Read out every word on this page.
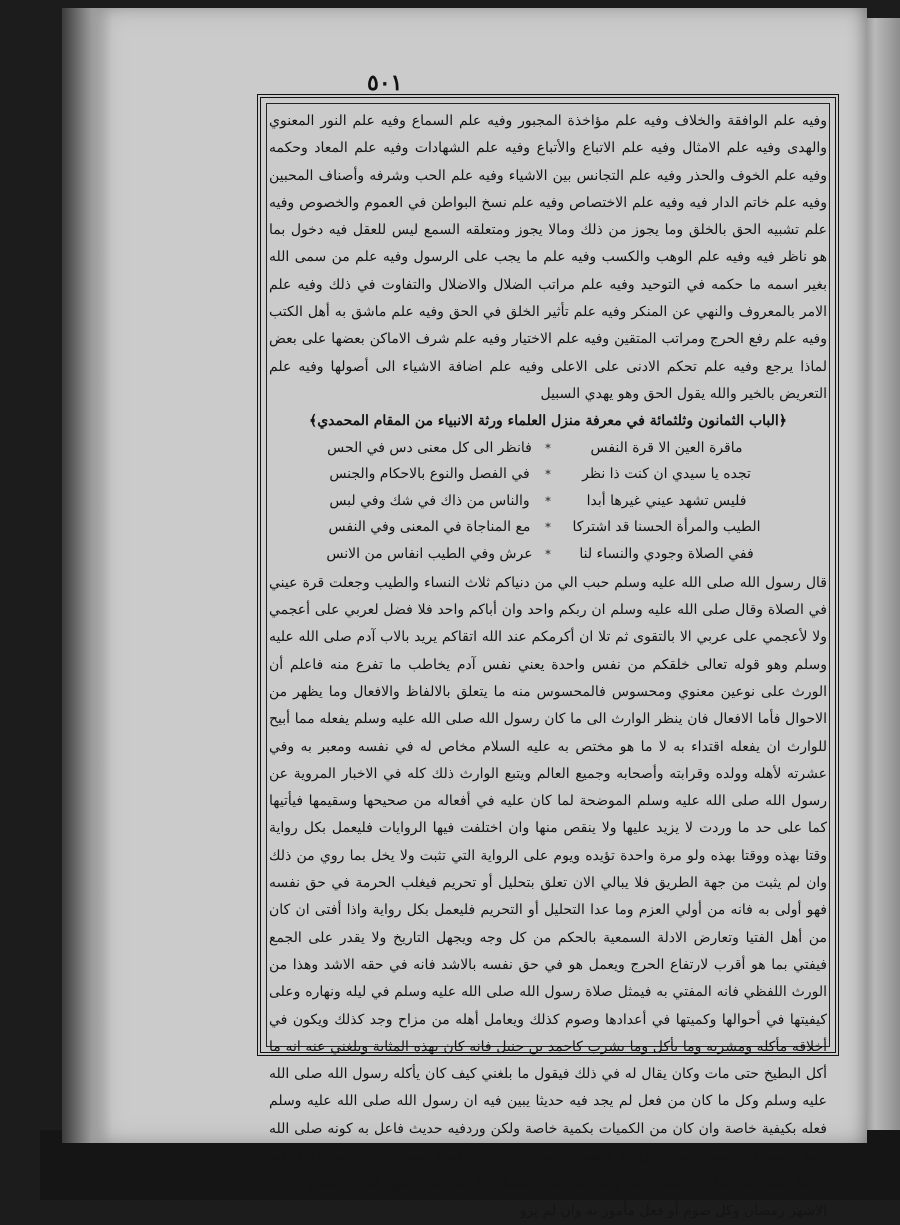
٥٠١

وفيه علم الوافقة والخلاف وفيه علم مؤاخذة المجبور وفيه علم السماع وفيه علم النور المعنوي والهدى وفيه علم الامثال وفيه علم الاتباع والأتباع وفيه علم الشهادات وفيه علم المعاد وحكمه وفيه علم الخوف والحذر وفيه علم التجانس بين الاشياء وفيه علم الحب وشرفه وأصناف المحبين وفيه علم خاتم الدار فيه وفيه علم الاختصاص وفيه علم نسخ البواطن في العموم والخصوص وفيه علم تشبيه الحق بالخلق وما يجوز من ذلك ومالا يجوز ومتعلقه السمع ليس للعقل فيه دخول بما هو ناظر فيه وفيه علم الوهب والكسب وفيه علم ما يجب على الرسول وفيه علم من سمى الله بغير اسمه ما حكمه في التوحيد وفيه علم مراتب الضلال والاضلال والتفاوت في ذلك وفيه علم الامر بالمعروف والنهي عن المنكر وفيه علم تأثير الخلق في الحق وفيه علم ماشق به أهل الكتب وفيه علم رفع الحرج ومراتب المتقين وفيه علم الاختيار وفيه علم شرف الاماكن بعضها على بعض لماذا يرجع وفيه علم تحكم الادنى على الاعلى وفيه علم اضافة الاشياء الى أصولها وفيه علم التعريض بالخير والله يقول الحق وهو يهدي السبيل

﴿الباب الثمانون وثلثمائة في معرفة منزل العلماء ورثة الانبياء من المقام المحمدي﴾

ماقرة العين الا قرة النفس
*
فانظر الى كل معنى دس في الحس
تجده يا سيدي ان كنت ذا نظر
*
في الفصل والنوع بالاحكام والجنس
فليس تشهد عيني غيرها أبدا
*
والناس من ذاك في شك وفي لبس
الطيب والمرأة الحسنا قد اشتركا
*
مع المناجاة في المعنى وفي النفس
ففي الصلاة وجودي والنساء لنا
*
عرش وفي الطيب انفاس من الانس

قال رسول الله صلى الله عليه وسلم حبب الي من دنياكم ثلاث النساء والطيب وجعلت قرة عيني في الصلاة وقال صلى الله عليه وسلم ان ربكم واحد وان أباكم واحد فلا فضل لعربي على أعجمي ولا لأعجمي على عربي الا بالتقوى ثم تلا ان أكرمكم عند الله اتقاكم يريد بالاب آدم صلى الله عليه وسلم وهو قوله تعالى خلقكم من نفس واحدة يعني نفس آدم يخاطب ما تفرع منه فاعلم أن الورث على نوعين معنوي ومحسوس فالمحسوس منه ما يتعلق بالالفاظ والافعال وما يظهر من الاحوال فأما الافعال فان ينظر الوارث الى ما كان رسول الله صلى الله عليه وسلم يفعله مما أبيح للوارث ان يفعله اقتداء به لا ما هو مختص به عليه السلام مخاص له في نفسه ومعبر به وفي عشرته لأهله وولده وقرابته وأصحابه وجميع العالم ويتبع الوارث ذلك كله في الاخبار المروية عن رسول الله صلى الله عليه وسلم الموضحة لما كان عليه في أفعاله من صحيحها وسقيمها فيأتيها كما على حد ما وردت لا يزيد عليها ولا ينقص منها وان اختلفت فيها الروايات فليعمل بكل رواية وقتا بهذه ووقتا بهذه ولو مرة واحدة تؤيده ويوم على الرواية التي تثبت ولا يخل بما روي من ذلك وان لم يثبت من جهة الطريق فلا يبالي الان تعلق بتحليل أو تحريم فيغلب الحرمة في حق نفسه فهو أولى به فانه من أولي العزم وما عدا التحليل أو التحريم فليعمل بكل رواية واذا أفتى ان كان من أهل الفتيا وتعارض الادلة السمعية بالحكم من كل وجه ويجهل التاريخ ولا يقدر على الجمع فيفتي بما هو أقرب لارتفاع الحرج ويعمل هو في حق نفسه بالاشد فانه في حقه الاشد وهذا من الورث اللفظي فانه المفتي به فيمثل صلاة رسول الله صلى الله عليه وسلم في ليله ونهاره وعلى كيفيتها في أحوالها وكميتها في أعدادها وصوم كذلك ويعامل أهله من مزاح وجد كذلك ويكون في أخلاقه مأكله ومشربه وما يأكل وما يشرب كاحمد بن حنبل فانه كان بهذه المثابة وبلغني عنه انه ما أكل البطيخ حتى مات وكان يقال له في ذلك فيقول ما بلغني كيف كان يأكله رسول الله صلى الله عليه وسلم وكل ما كان من فعل لم يجد فيه حديثا يبين فيه ان رسول الله صلى الله عليه وسلم فعله بكيفية خاصة وان كان من الكميات بكمية خاصة ولكن وردفيه حديث فاعل به كونه صلى الله عليه وسلم كان يصوم حتى نقول انه لا يفطر ويفطر حتى نقول انه لا يصوم ولم يوقت الراوي فيه توقيتا فصم أنت كذلك وأفطر كذلك وأكثر من صوم شعبان ولا تتم صوم شهر قط برجيمين لوجوه الاشهر رمضان وكل صوم أو فعل مأمور به وان لم يرو
